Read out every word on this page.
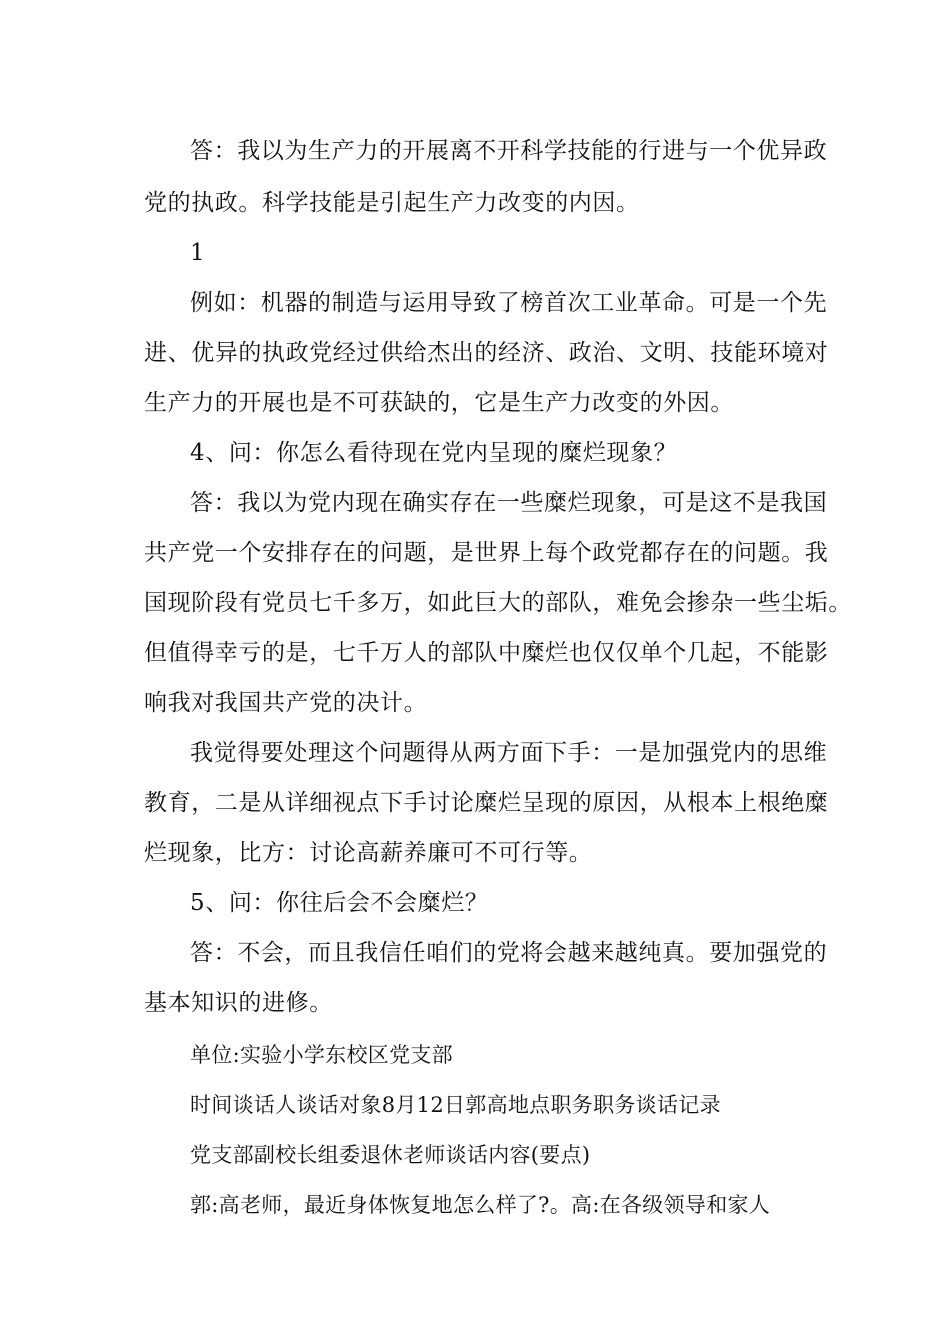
答：我以为生产力的开展离不开科学技能的行进与一个优异政
党的执政。科学技能是引起生产力改变的内因。
1
例如：机器的制造与运用导致了榜首次工业革命。可是一个先
进、优异的执政党经过供给杰出的经济、政治、文明、技能环境对
生产力的开展也是不可获缺的，它是生产力改变的外因。
4、问：你怎么看待现在党内呈现的糜烂现象？
答：我以为党内现在确实存在一些糜烂现象，可是这不是我国
共产党一个安排存在的问题，是世界上每个政党都存在的问题。我
国现阶段有党员七千多万，如此巨大的部队，难免会掺杂一些尘垢。
但值得幸亏的是，七千万人的部队中糜烂也仅仅单个几起，不能影
响我对我国共产党的决计。
我觉得要处理这个问题得从两方面下手：一是加强党内的思维
教育，二是从详细视点下手讨论糜烂呈现的原因，从根本上根绝糜
烂现象，比方：讨论高薪养廉可不可行等。
5、问：你往后会不会糜烂？
答：不会，而且我信任咱们的党将会越来越纯真。要加强党的
基本知识的进修。
单位:实验小学东校区党支部
时间谈话人谈话对象8月12日郭高地点职务职务谈话记录
党支部副校长组委退休老师谈话内容(要点)
郭:高老师，最近身体恢复地怎么样了?。高:在各级领导和家人
